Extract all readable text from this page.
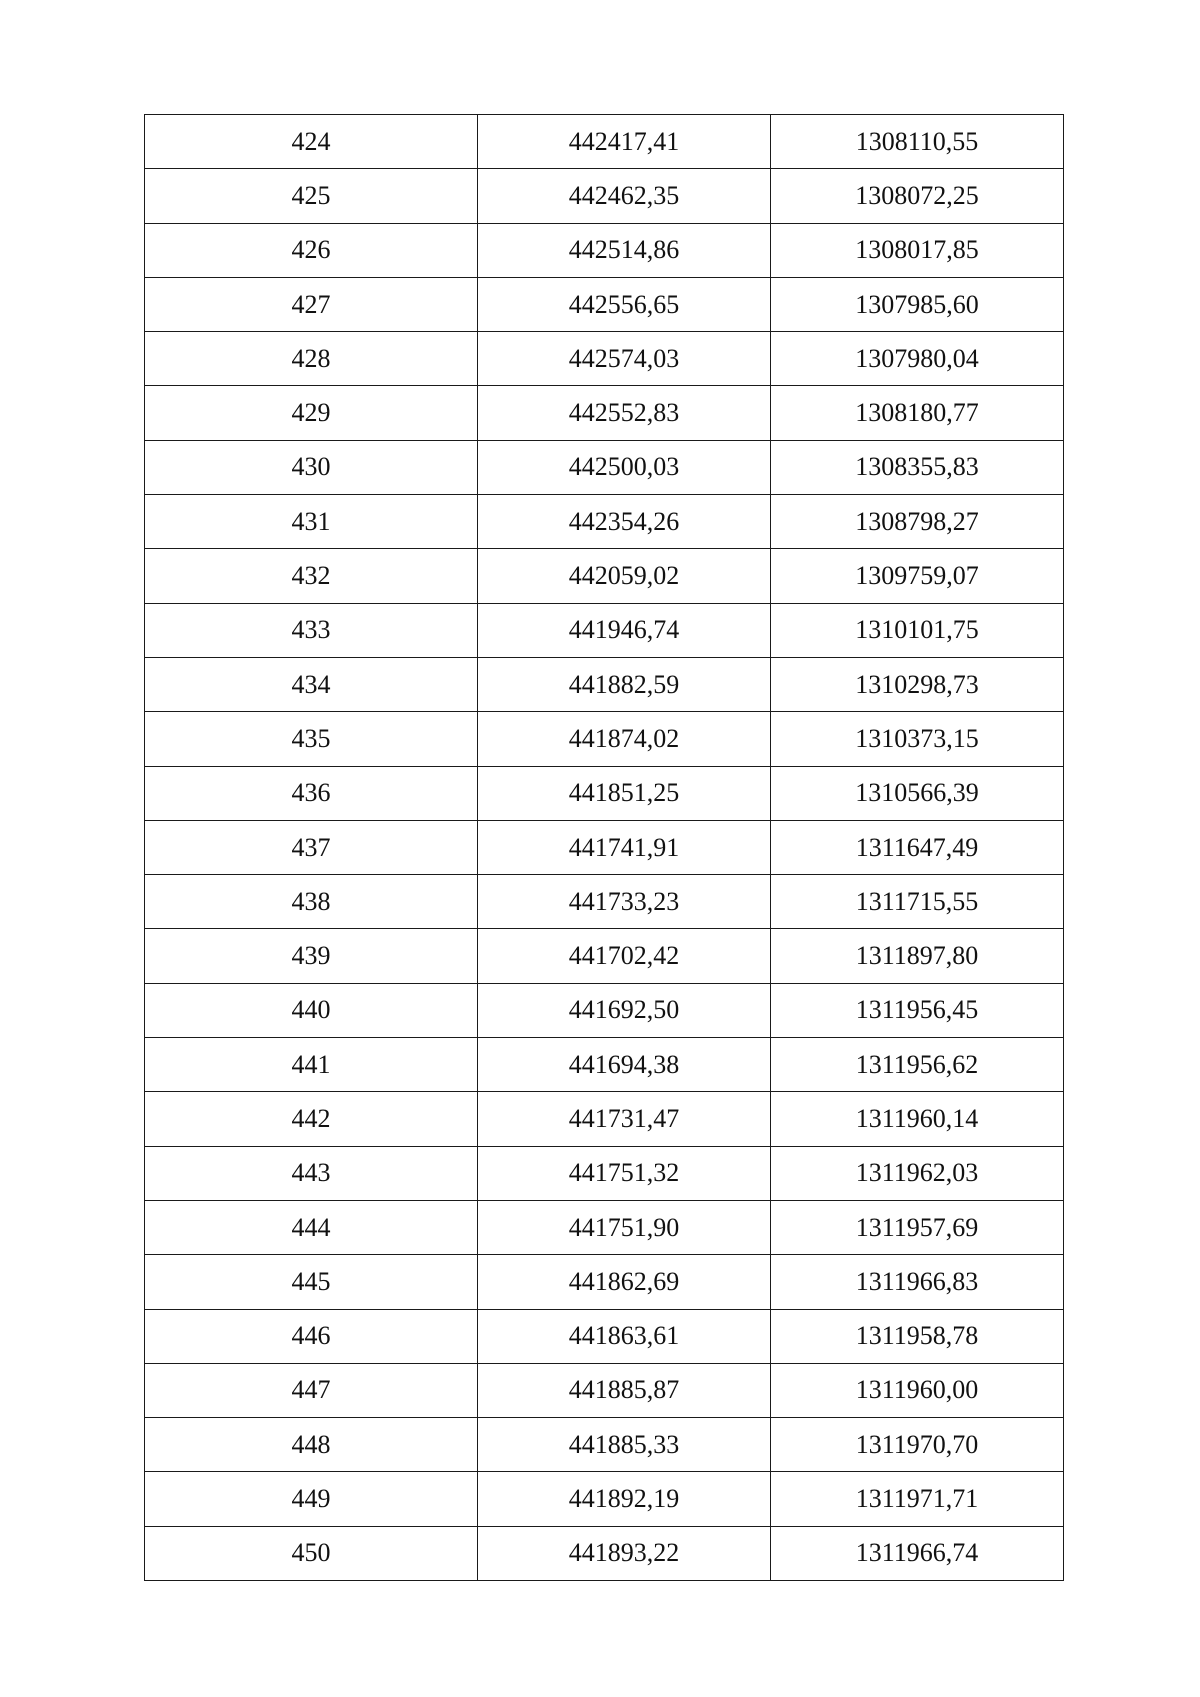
424	442417,41	1308110,55
425	442462,35	1308072,25
426	442514,86	1308017,85
427	442556,65	1307985,60
428	442574,03	1307980,04
429	442552,83	1308180,77
430	442500,03	1308355,83
431	442354,26	1308798,27
432	442059,02	1309759,07
433	441946,74	1310101,75
434	441882,59	1310298,73
435	441874,02	1310373,15
436	441851,25	1310566,39
437	441741,91	1311647,49
438	441733,23	1311715,55
439	441702,42	1311897,80
440	441692,50	1311956,45
441	441694,38	1311956,62
442	441731,47	1311960,14
443	441751,32	1311962,03
444	441751,90	1311957,69
445	441862,69	1311966,83
446	441863,61	1311958,78
447	441885,87	1311960,00
448	441885,33	1311970,70
449	441892,19	1311971,71
450	441893,22	1311966,74
